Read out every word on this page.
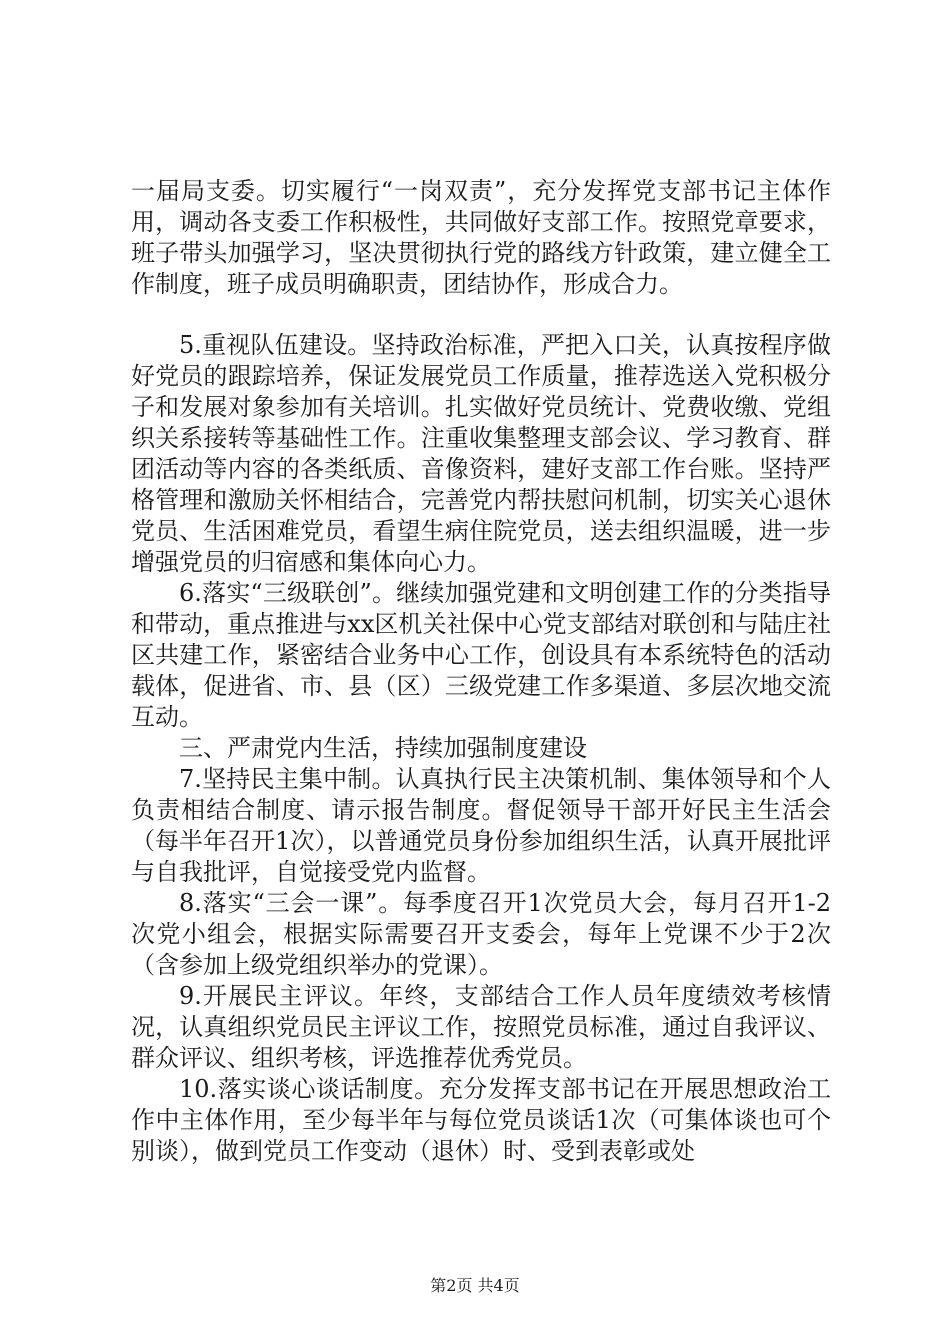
一届局支委。切实履行“一岗双责”，充分发挥党支部书记主体作用，调动各支委工作积极性，共同做好支部工作。按照党章要求，班子带头加强学习，坚决贯彻执行党的路线方针政策，建立健全工作制度，班子成员明确职责，团结协作，形成合力。

5.重视队伍建设。坚持政治标准，严把入口关，认真按程序做好党员的跟踪培养，保证发展党员工作质量，推荐选送入党积极分子和发展对象参加有关培训。扎实做好党员统计、党费收缴、党组织关系接转等基础性工作。注重收集整理支部会议、学习教育、群团活动等内容的各类纸质、音像资料，建好支部工作台账。坚持严格管理和激励关怀相结合，完善党内帮扶慰问机制，切实关心退休党员、生活困难党员，看望生病住院党员，送去组织温暖，进一步增强党员的归宿感和集体向心力。

6.落实“三级联创”。继续加强党建和文明创建工作的分类指导和带动，重点推进与xx区机关社保中心党支部结对联创和与陆庄社区共建工作，紧密结合业务中心工作，创设具有本系统特色的活动载体，促进省、市、县（区）三级党建工作多渠道、多层次地交流互动。

三、严肃党内生活，持续加强制度建设

7.坚持民主集中制。认真执行民主决策机制、集体领导和个人负责相结合制度、请示报告制度。督促领导干部开好民主生活会（每半年召开1次），以普通党员身份参加组织生活，认真开展批评与自我批评，自觉接受党内监督。

8.落实“三会一课”。每季度召开1次党员大会，每月召开1-2次党小组会，根据实际需要召开支委会，每年上党课不少于2次（含参加上级党组织举办的党课）。

9.开展民主评议。年终，支部结合工作人员年度绩效考核情况，认真组织党员民主评议工作，按照党员标准，通过自我评议、群众评议、组织考核，评选推荐优秀党员。

10.落实谈心谈话制度。充分发挥支部书记在开展思想政治工作中主体作用，至少每半年与每位党员谈话1次（可集体谈也可个别谈），做到党员工作变动（退休）时、受到表彰或处

第2页 共4页
